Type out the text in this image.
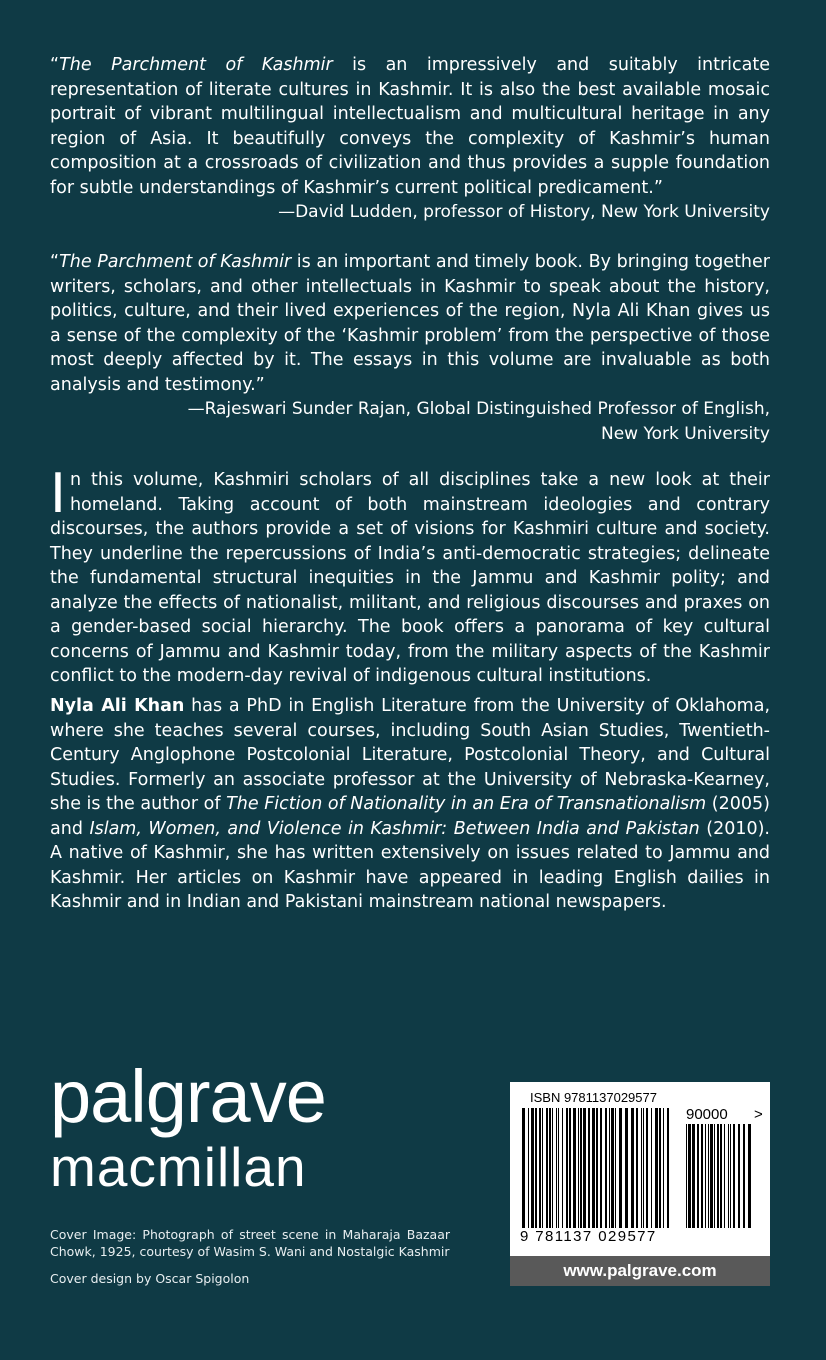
“The Parchment of Kashmir is an impressively and suitably intricate representation of literate cultures in Kashmir. It is also the best available mosaic portrait of vibrant multilingual intellectualism and multicultural heritage in any region of Asia. It beautifully conveys the complexity of Kashmir’s human composition at a crossroads of civilization and thus provides a supple foundation for subtle understandings of Kashmir’s current political predicament.”

—David Ludden, professor of History, New York University

“The Parchment of Kashmir is an important and timely book. By bringing together writers, scholars, and other intellectuals in Kashmir to speak about the history, politics, culture, and their lived experiences of the region, Nyla Ali Khan gives us a sense of the complexity of the ‘Kashmir problem’ from the perspective of those most deeply affected by it. The essays in this volume are invaluable as both analysis and testimony.”

—Rajeswari Sunder Rajan, Global Distinguished Professor of English,
New York University

In this volume, Kashmiri scholars of all disciplines take a new look at their homeland. Taking account of both mainstream ideologies and contrary discourses, the authors provide a set of visions for Kashmiri culture and society. They underline the repercussions of India’s anti-democratic strategies; delineate the fundamental structural inequities in the Jammu and Kashmir polity; and analyze the effects of nationalist, militant, and religious discourses and praxes on a gender-based social hierarchy. The book offers a panorama of key cultural concerns of Jammu and Kashmir today, from the military aspects of the Kashmir conflict to the modern-day revival of indigenous cultural institutions.

Nyla Ali Khan has a PhD in English Literature from the University of Oklahoma, where she teaches several courses, including South Asian Studies, Twentieth-Century Anglophone Postcolonial Literature, Postcolonial Theory, and Cultural Studies. Formerly an associate professor at the University of Nebraska-Kearney, she is the author of The Fiction of Nationality in an Era of Transnationalism (2005) and Islam, Women, and Violence in Kashmir: Between India and Pakistan (2010). A native of Kashmir, she has written extensively on issues related to Jammu and Kashmir. Her articles on Kashmir have appeared in leading English dailies in Kashmir and in Indian and Pakistani mainstream national newspapers.

palgrave
macmillan
Cover Image: Photograph of street scene in Maharaja Bazaar Chowk, 1925, courtesy of Wasim S. Wani and Nostalgic Kashmir
Cover design by Oscar Spigolon
ISBN 9781137029577
90000 >
9 781137 029577
www.palgrave.com
